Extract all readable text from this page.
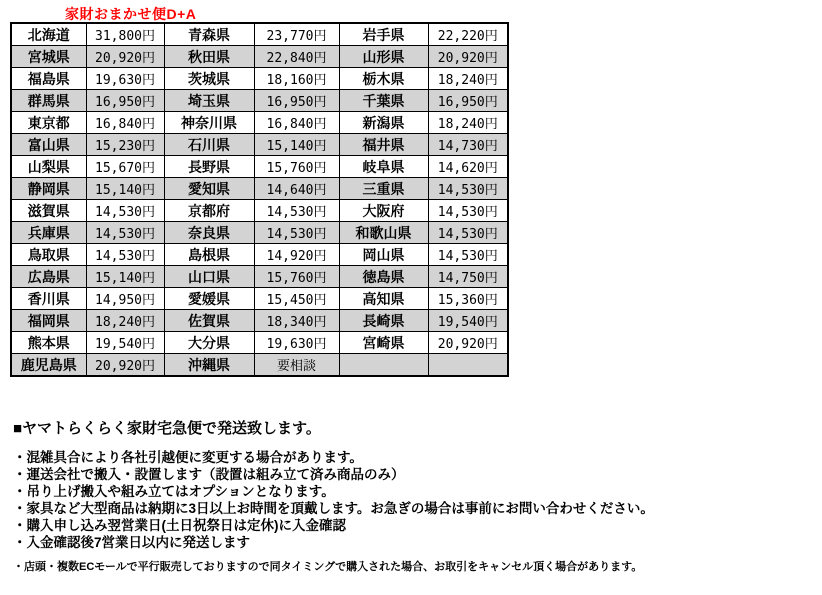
家財おまかせ便D+A
北海道	31,800円	青森県	23,770円	岩手県	22,220円
宮城県	20,920円	秋田県	22,840円	山形県	20,920円
福島県	19,630円	茨城県	18,160円	栃木県	18,240円
群馬県	16,950円	埼玉県	16,950円	千葉県	16,950円
東京都	16,840円	神奈川県	16,840円	新潟県	18,240円
富山県	15,230円	石川県	15,140円	福井県	14,730円
山梨県	15,670円	長野県	15,760円	岐阜県	14,620円
静岡県	15,140円	愛知県	14,640円	三重県	14,530円
滋賀県	14,530円	京都府	14,530円	大阪府	14,530円
兵庫県	14,530円	奈良県	14,530円	和歌山県	14,530円
鳥取県	14,530円	島根県	14,920円	岡山県	14,530円
広島県	15,140円	山口県	15,760円	徳島県	14,750円
香川県	14,950円	愛媛県	15,450円	高知県	15,360円
福岡県	18,240円	佐賀県	18,340円	長崎県	19,540円
熊本県	19,540円	大分県	19,630円	宮崎県	20,920円
鹿児島県	20,920円	沖縄県	要相談		
■ヤマトらくらく家財宅急便で発送致します。
・混雑具合により各社引越便に変更する場合があります。
・運送会社で搬入・設置します（設置は組み立て済み商品のみ）
・吊り上げ搬入や組み立てはオプションとなります。
・家具など大型商品は納期に3日以上お時間を頂戴します。お急ぎの場合は事前にお問い合わせください。
・購入申し込み翌営業日(土日祝祭日は定休)に入金確認
・入金確認後7営業日以内に発送します
・店頭・複数ECモールで平行販売しておりますので同タイミングで購入された場合、お取引をキャンセル頂く場合があります。
